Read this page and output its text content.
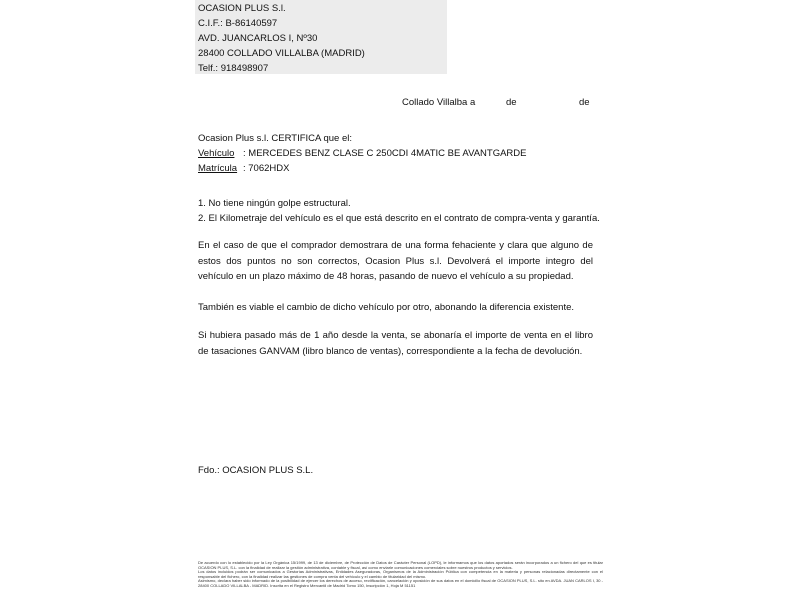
OCASION PLUS S.l.
C.I.F.: B-86140597
AVD. JUANCARLOS I, Nº30
28400 COLLADO VILLALBA (MADRID)
Telf.: 918498907
Collado Villalba a	de	de
Ocasion Plus s.l. CERTIFICA que el:
Vehículo : MERCEDES BENZ CLASE C 250CDI 4MATIC BE AVANTGARDE
Matrícula : 7062HDX
1. No tiene ningún golpe estructural.
2. El Kilometraje del vehículo es el que está descrito en el contrato de compra-venta y garantía.
En el caso de que el comprador demostrara de una forma fehaciente y clara que alguno de estos dos puntos no son correctos, Ocasion Plus s.l. Devolverá el importe integro del vehículo en un plazo máximo de 48 horas, pasando de nuevo el vehículo a su propiedad.
También es viable el cambio de dicho vehículo por otro, abonando la diferencia existente.
Si hubiera pasado más de 1 año desde la venta, se abonaría el importe de venta en el libro de tasaciones GANVAM (libro blanco de ventas), correspondiente a la fecha de devolución.
Fdo.: OCASION PLUS S.L.
De acuerdo con lo establecido por la Ley Orgánica 15/1999, de 13 de diciembre, de Protección de Datos de Carácter Personal (LOPD), le informamos que los datos aportados serán incorporados a un fichero del que es titular OCASION PLUS, S.L. con la finalidad de realizar la gestión administrativa, contable y fiscal, así como enviarle comunicaciones comerciales sobre nuestros productos y servicios.
Los datos incluidos podrán ser comunicados a Gestorías Administrativas, Entidades Aseguradoras, Organismos de la Administración Pública con competencia en la materia y personas relacionadas directamente con el responsable del fichero, con la finalidad realizar las gestiones de compra venta del vehículo y el cambio de titularidad del mismo.
Asimismo, declara haber sido informado de la posibilidad de ejercer los derechos de acceso, rectificación, cancelación y oposición de sus datos en el domicilio fiscal de OCASION PLUS, S.L. sito en AVDA. JUAN CARLOS I, 30 - 28400 COLLADO VILLALBA - MADRID. Inscrita en el Registro Mercantil de Madrid Tomo 150, Inscripción 1, Hoja M 51151
